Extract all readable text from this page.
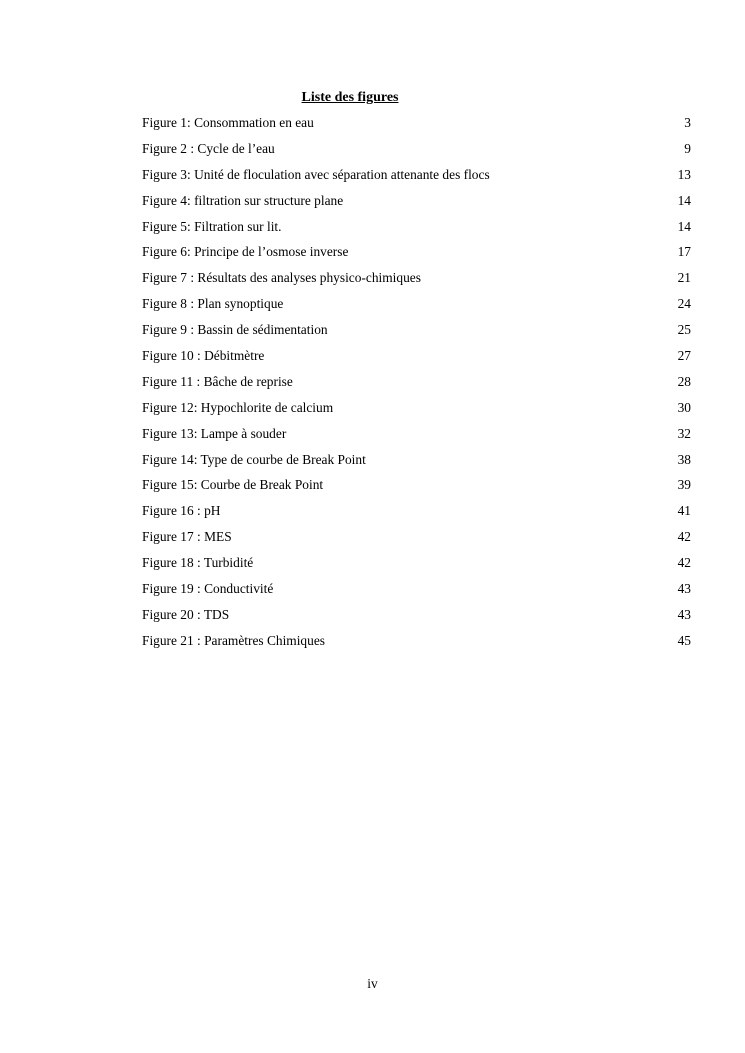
Liste des figures
Figure 1: Consommation en eau	3
Figure 2 : Cycle de l’eau	9
Figure 3: Unité de floculation avec séparation attenante des flocs	13
Figure 4: filtration sur structure plane	14
Figure 5: Filtration sur lit.	14
Figure 6: Principe de l’osmose inverse	17
Figure 7 : Résultats des analyses physico-chimiques	21
Figure 8 : Plan synoptique	24
Figure 9 : Bassin de sédimentation	25
Figure 10 : Débitmètre	27
Figure 11 : Bâche de reprise	28
Figure 12: Hypochlorite de calcium	30
Figure 13: Lampe à souder	32
Figure 14: Type de courbe de Break Point	38
Figure 15: Courbe de Break Point	39
Figure 16 : pH	41
Figure 17 : MES	42
Figure 18 : Turbidité	42
Figure 19 : Conductivité	43
Figure 20 : TDS	43
Figure 21 : Paramètres Chimiques	45
iv
